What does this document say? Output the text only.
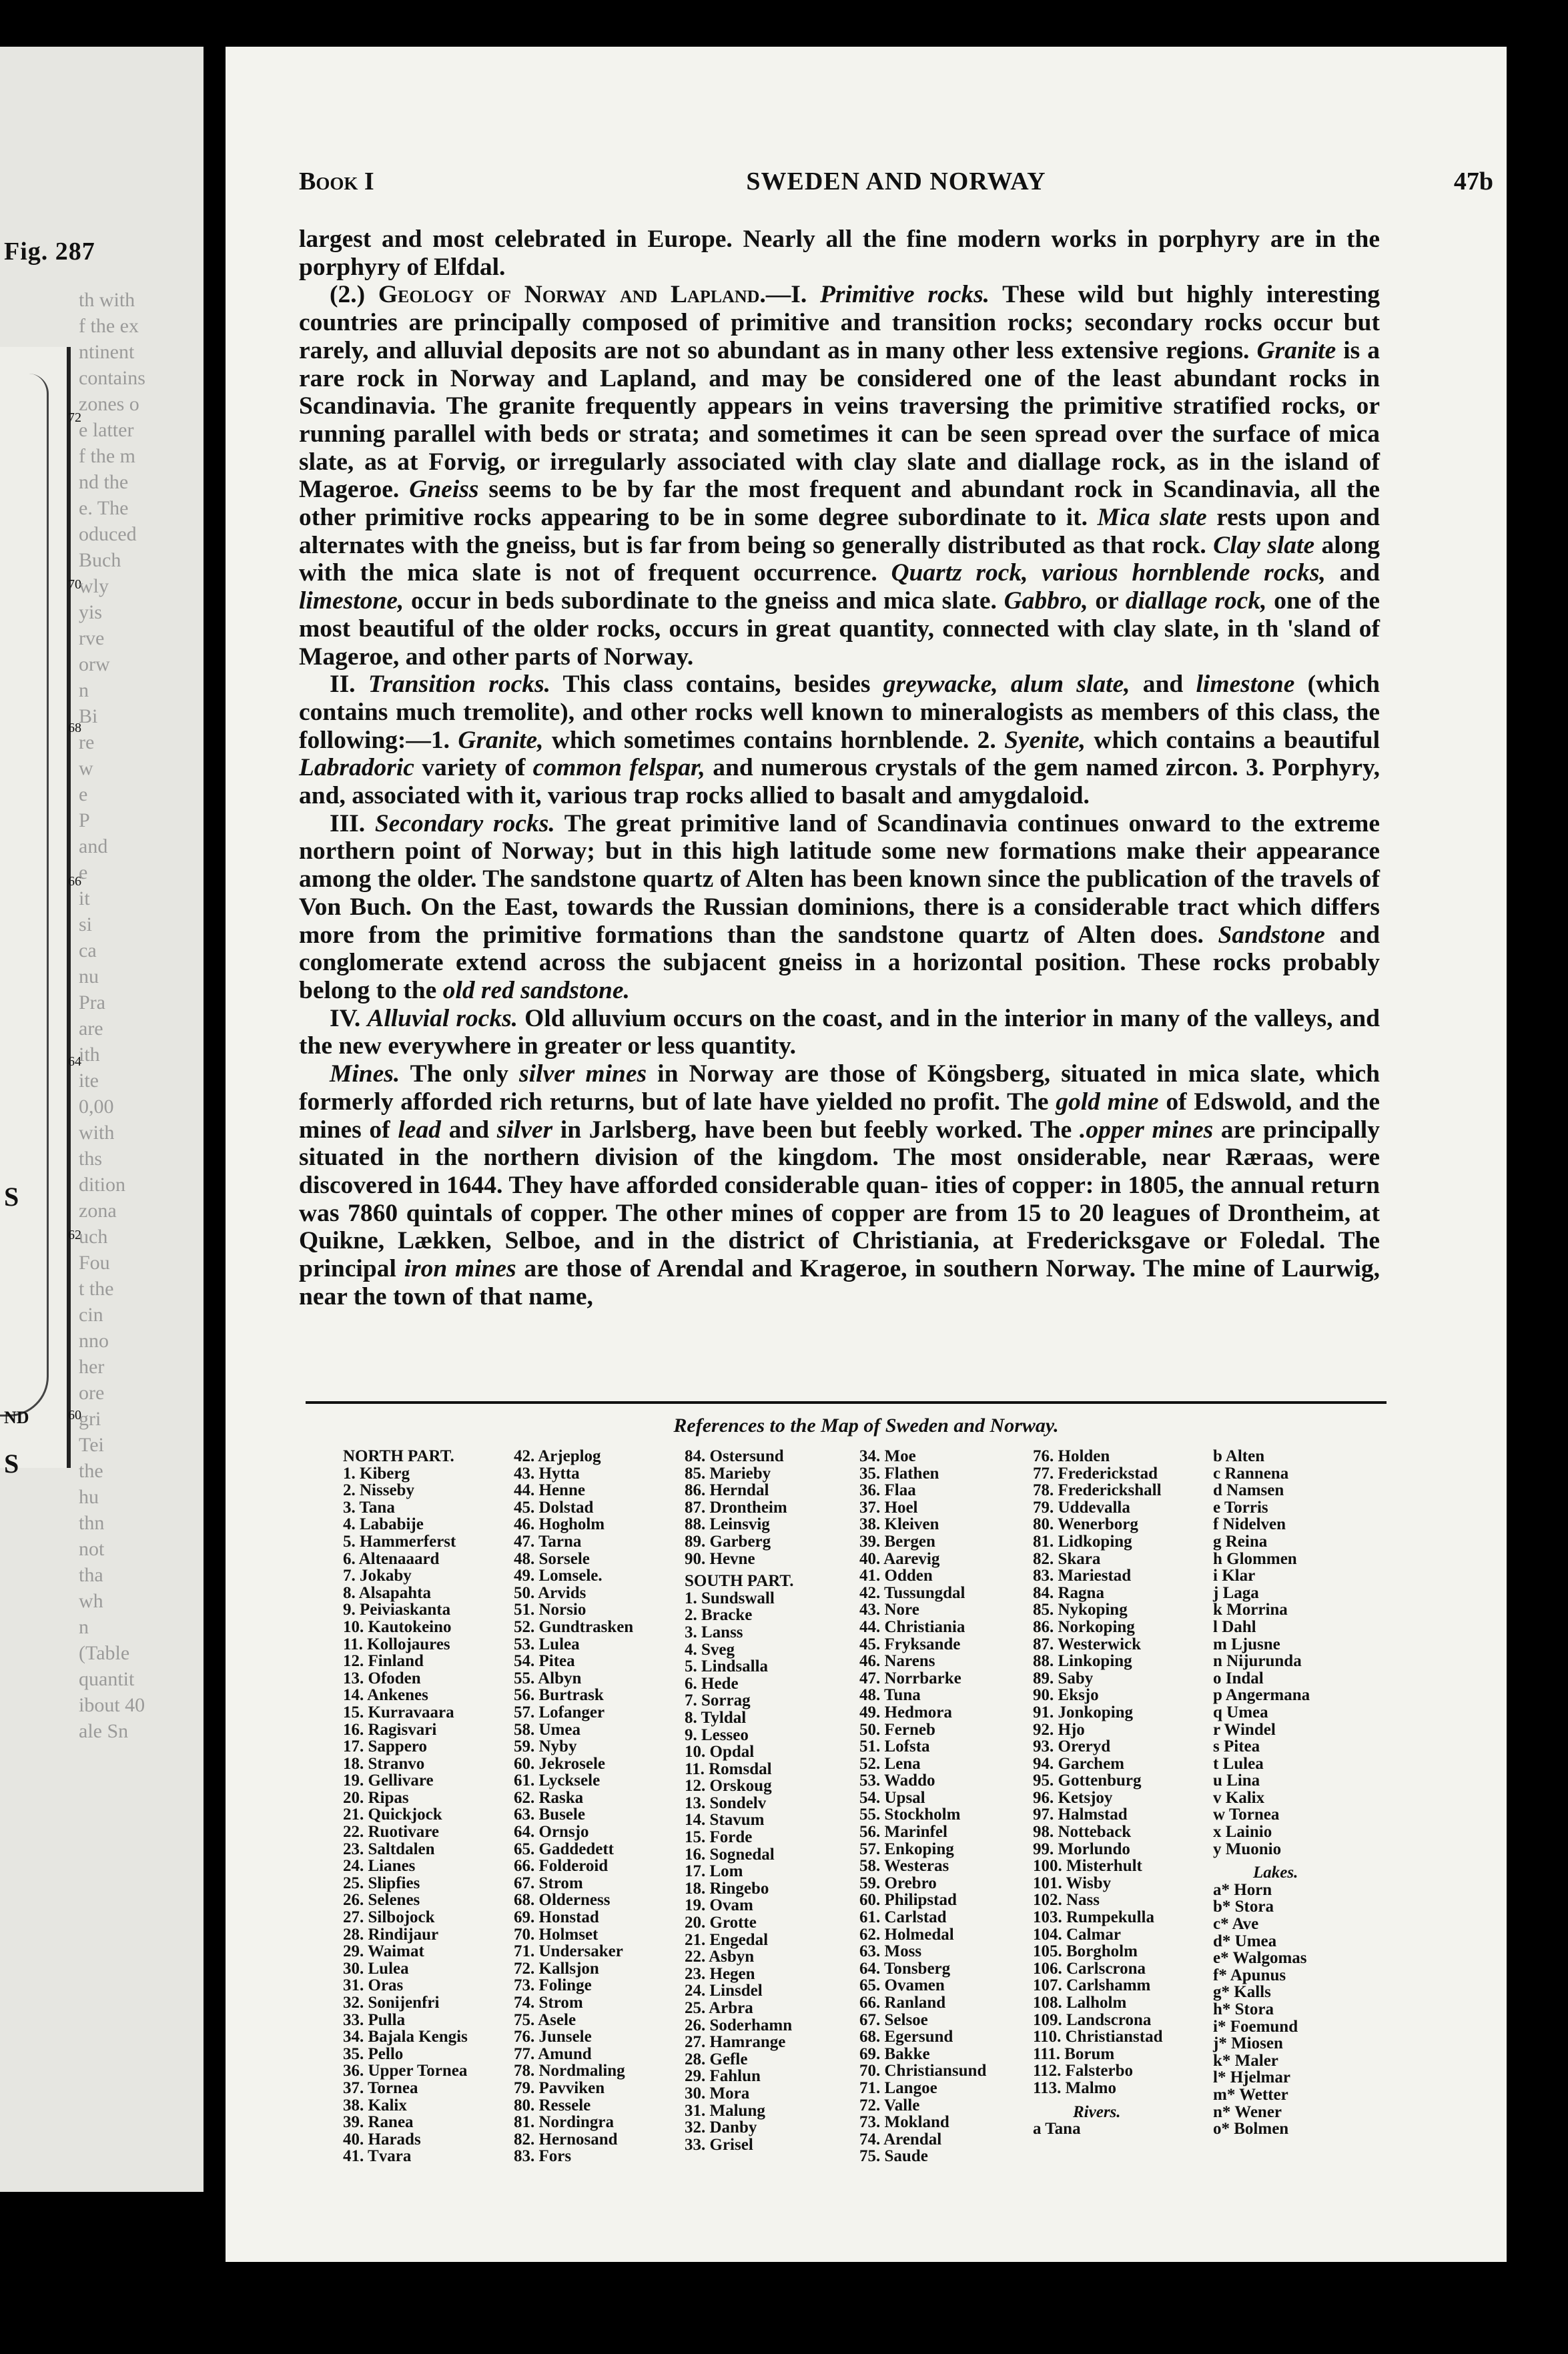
Fig. 287
72
70
68
66
64
62
60
S
ND
S
th with
f the ex
ntinent
contains
zones o
e latter
f the m
nd the
e. The
oduced
Buch
wly
yis
rve
orw
n
Bi
re
w
e
P
and
e
it
si
ca
nu
Pra
are
ith
ite
0,00
with
ths
dition
zona
uch
Fou
t the
cin
nno
her
ore
gri
Tei
the
hu
thn
not
tha
wh
n
(Table
quantit
ibout 40
ale Sn
Book I	SWEDEN AND NORWAY	47b

largest and most celebrated in Europe. Nearly all the fine modern works in porphyry are in the porphyry of Elfdal.

(2.) Geology of Norway and Lapland.—I. Primitive rocks. These wild but highly interesting countries are principally composed of primitive and transition rocks; secondary rocks occur but rarely, and alluvial deposits are not so abundant as in many other less extensive regions. Granite is a rare rock in Norway and Lapland, and may be considered one of the least abundant rocks in Scandinavia. The granite frequently appears in veins traversing the primitive stratified rocks, or running parallel with beds or strata; and sometimes it can be seen spread over the surface of mica slate, as at Forvig, or irregularly associated with clay slate and diallage rock, as in the island of Mageroe. Gneiss seems to be by far the most frequent and abundant rock in Scandinavia, all the other primitive rocks appearing to be in some degree subordinate to it. Mica slate rests upon and alternates with the gneiss, but is far from being so generally distributed as that rock. Clay slate along with the mica slate is not of frequent occurrence. Quartz rock, various hornblende rocks, and limestone, occur in beds subordinate to the gneiss and mica slate. Gabbro, or diallage rock, one of the most beautiful of the older rocks, occurs in great quantity, connected with clay slate, in th 'sland of Mageroe, and other parts of Norway.

II. Transition rocks. This class contains, besides greywacke, alum slate, and limestone (which contains much tremolite), and other rocks well known to mineralogists as members of this class, the following:—1. Granite, which sometimes contains hornblende. 2. Syenite, which contains a beautiful Labradoric variety of common felspar, and numerous crystals of the gem named zircon. 3. Porphyry, and, associated with it, various trap rocks allied to basalt and amygdaloid.

III. Secondary rocks. The great primitive land of Scandinavia continues onward to the extreme northern point of Norway; but in this high latitude some new formations make their appearance among the older. The sandstone quartz of Alten has been known since the publication of the travels of Von Buch. On the East, towards the Russian dominions, there is a considerable tract which differs more from the primitive formations than the sandstone quartz of Alten does. Sandstone and conglomerate extend across the subjacent gneiss in a horizontal position. These rocks probably belong to the old red sandstone.

IV. Alluvial rocks. Old alluvium occurs on the coast, and in the interior in many of the valleys, and the new everywhere in greater or less quantity.

Mines. The only silver mines in Norway are those of Köngsberg, situated in mica slate, which formerly afforded rich returns, but of late have yielded no profit. The gold mine of Edswold, and the mines of lead and silver in Jarlsberg, have been but feebly worked. The .opper mines are principally situated in the northern division of the kingdom. The most onsiderable, near Ræraas, were discovered in 1644. They have afforded considerable quan- ities of copper: in 1805, the annual return was 7860 quintals of copper. The other mines of copper are from 15 to 20 leagues of Drontheim, at Quikne, Lækken, Selboe, and in the district of Christiania, at Fredericksgave or Foledal. The principal iron mines are those of Arendal and Krageroe, in southern Norway. The mine of Laurwig, near the town of that name,

References to the Map of Sweden and Norway.
NORTH PART.
1. Kiberg
2. Nisseby
3. Tana
4. Lababije
5. Hammerferst
6. Altenaaard
7. Jokaby
8. Alsapahta
9. Peiviaskanta
10. Kautokeino
11. Kollojaures
12. Finland
13. Ofoden
14. Ankenes
15. Kurravaara
16. Ragisvari
17. Sappero
18. Stranvo
19. Gellivare
20. Ripas
21. Quickjock
22. Ruotivare
23. Saltdalen
24. Lianes
25. Slipfies
26. Selenes
27. Silbojock
28. Rindijaur
29. Waimat
30. Lulea
31. Oras
32. Sonijenfri
33. Pulla
34. Bajala Kengis
35. Pello
36. Upper Tornea
37. Tornea
38. Kalix
39. Ranea
40. Harads
41. Tvara
42. Arjeplog
43. Hytta
44. Henne
45. Dolstad
46. Hogholm
47. Tarna
48. Sorsele
49. Lomsele.
50. Arvids
51. Norsio
52. Gundtrasken
53. Lulea
54. Pitea
55. Albyn
56. Burtrask
57. Lofanger
58. Umea
59. Nyby
60. Jekrosele
61. Lycksele
62. Raska
63. Busele
64. Ornsjo
65. Gaddedett
66. Folderoid
67. Strom
68. Olderness
69. Honstad
70. Holmset
71. Undersaker
72. Kallsjon
73. Folinge
74. Strom
75. Asele
76. Junsele
77. Amund
78. Nordmaling
79. Pavviken
80. Ressele
81. Nordingra
82. Hernosand
83. Fors
84. Ostersund
85. Marieby
86. Herndal
87. Drontheim
88. Leinsvig
89. Garberg
90. Hevne
SOUTH PART.
1. Sundswall
2. Bracke
3. Lanss
4. Sveg
5. Lindsalla
6. Hede
7. Sorrag
8. Tyldal
9. Lesseo
10. Opdal
11. Romsdal
12. Orskoug
13. Sondelv
14. Stavum
15. Forde
16. Sognedal
17. Lom
18. Ringebo
19. Ovam
20. Grotte
21. Engedal
22. Asbyn
23. Hegen
24. Linsdel
25. Arbra
26. Soderhamn
27. Hamrange
28. Gefle
29. Fahlun
30. Mora
31. Malung
32. Danby
33. Grisel
34. Moe
35. Flathen
36. Flaa
37. Hoel
38. Kleiven
39. Bergen
40. Aarevig
41. Odden
42. Tussungdal
43. Nore
44. Christiania
45. Fryksande
46. Narens
47. Norrbarke
48. Tuna
49. Hedmora
50. Ferneb
51. Lofsta
52. Lena
53. Waddo
54. Upsal
55. Stockholm
56. Marinfel
57. Enkoping
58. Westeras
59. Orebro
60. Philipstad
61. Carlstad
62. Holmedal
63. Moss
64. Tonsberg
65. Ovamen
66. Ranland
67. Selsoe
68. Egersund
69. Bakke
70. Christiansund
71. Langoe
72. Valle
73. Mokland
74. Arendal
75. Saude
76. Holden
77. Frederickstad
78. Frederickshall
79. Uddevalla
80. Wenerborg
81. Lidkoping
82. Skara
83. Mariestad
84. Ragna
85. Nykoping
86. Norkoping
87. Westerwick
88. Linkoping
89. Saby
90. Eksjo
91. Jonkoping
92. Hjo
93. Oreryd
94. Garchem
95. Gottenburg
96. Ketsjoy
97. Halmstad
98. Notteback
99. Morlundo
100. Misterhult
101. Wisby
102. Nass
103. Rumpekulla
104. Calmar
105. Borgholm
106. Carlscrona
107. Carlshamm
108. Lalholm
109. Landscrona
110. Christianstad
111. Borum
112. Falsterbo
113. Malmo
Rivers.
a Tana
b Alten
c Rannena
d Namsen
e Torris
f Nidelven
g Reina
h Glommen
i Klar
j Laga
k Morrina
l Dahl
m Ljusne
n Nijurunda
o Indal
p Angermana
q Umea
r Windel
s Pitea
t Lulea
u Lina
v Kalix
w Tornea
x Lainio
y Muonio
Lakes.
a* Horn
b* Stora
c* Ave
d* Umea
e* Walgomas
f* Apunus
g* Kalls
h* Stora
i* Foemund
j* Miosen
k* Maler
l* Hjelmar
m* Wetter
n* Wener
o* Bolmen
